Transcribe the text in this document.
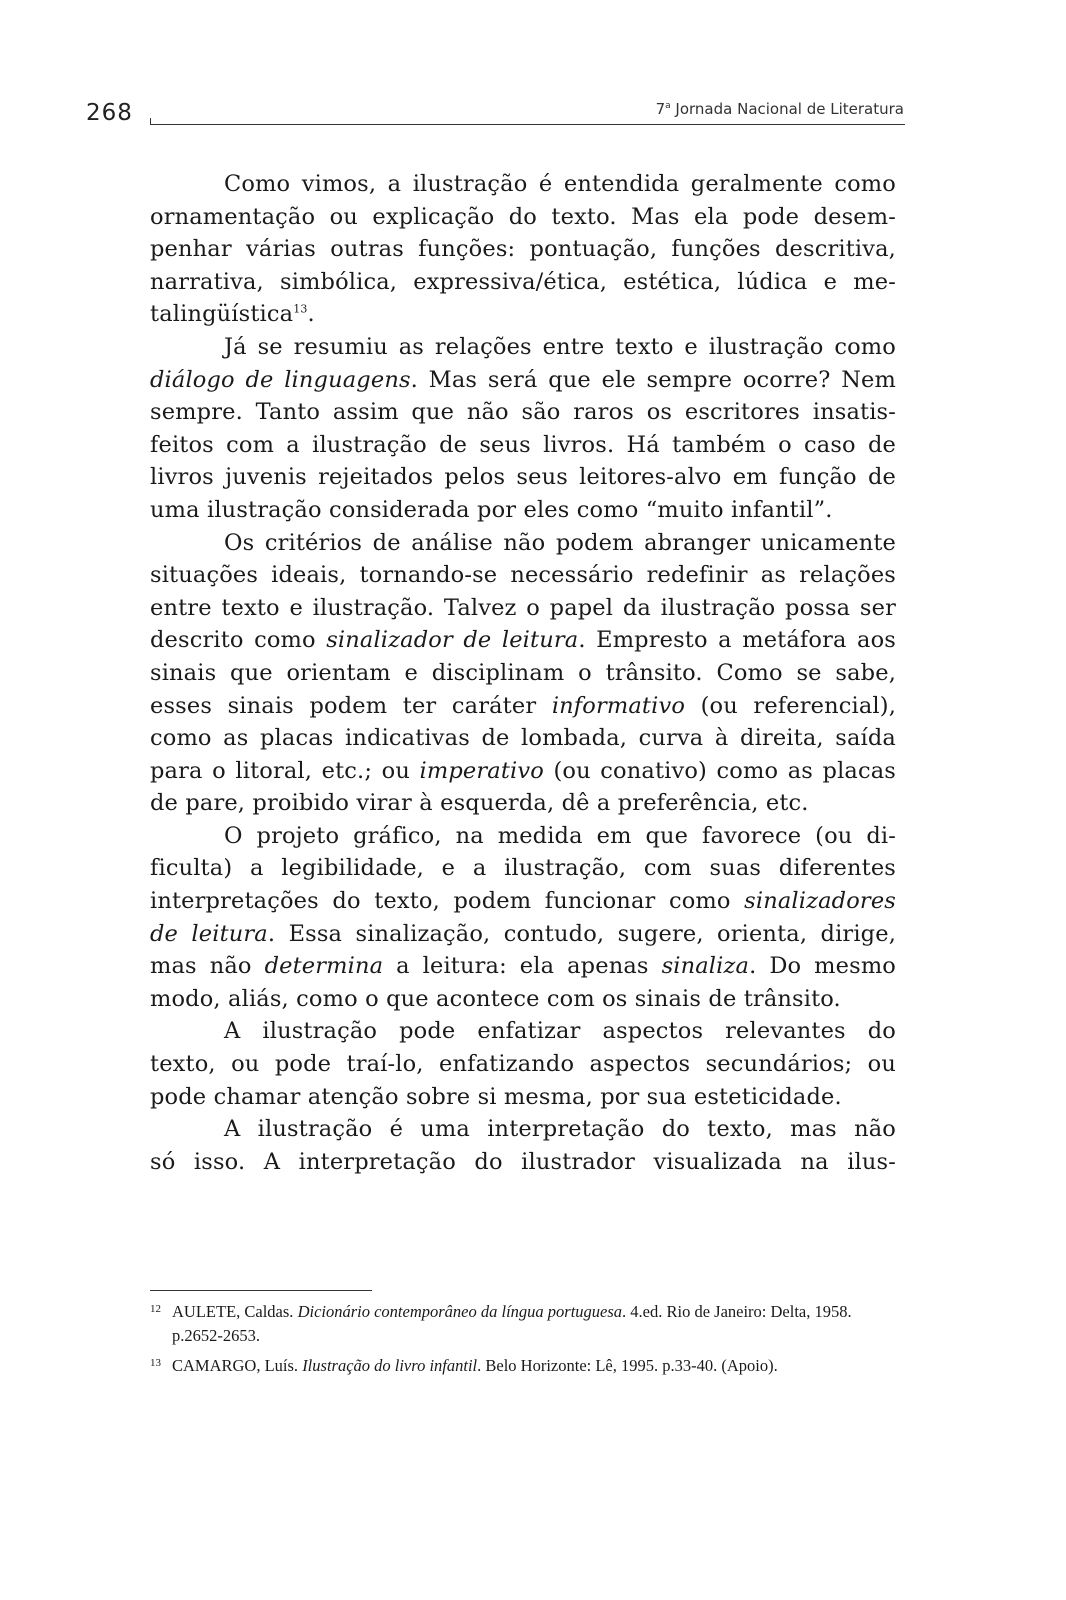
268	7$^a$ Jornada Nacional de Literatura
Como vimos, a ilustração é entendida geralmente como
ornamentação ou explicação do texto. Mas ela pode desem-
penhar várias outras funções: pontuação, funções descritiva,
narrativa, simbólica, expressiva/ética, estética, lúdica e me-
talingüística$^{13}$.
Já se resumiu as relações entre texto e ilustração como
diálogo de linguagens. Mas será que ele sempre ocorre? Nem
sempre. Tanto assim que não são raros os escritores insatis-
feitos com a ilustração de seus livros. Há também o caso de
livros juvenis rejeitados pelos seus leitores-alvo em função de
uma ilustração considerada por eles como “muito infantil”.
Os critérios de análise não podem abranger unicamente
situações ideais, tornando-se necessário redefinir as relações
entre texto e ilustração. Talvez o papel da ilustração possa ser
descrito como sinalizador de leitura. Empresto a metáfora aos
sinais que orientam e disciplinam o trânsito. Como se sabe,
esses sinais podem ter caráter informativo (ou referencial),
como as placas indicativas de lombada, curva à direita, saída
para o litoral, etc.; ou imperativo (ou conativo) como as placas
de pare, proibido virar à esquerda, dê a preferência, etc.
O projeto gráfico, na medida em que favorece (ou di-
ficulta) a legibilidade, e a ilustração, com suas diferentes
interpretações do texto, podem funcionar como sinalizadores
de leitura. Essa sinalização, contudo, sugere, orienta, dirige,
mas não determina a leitura: ela apenas sinaliza. Do mesmo
modo, aliás, como o que acontece com os sinais de trânsito.
A ilustração pode enfatizar aspectos relevantes do
texto, ou pode traí-lo, enfatizando aspectos secundários; ou
pode chamar atenção sobre si mesma, por sua esteticidade.
A ilustração é uma interpretação do texto, mas não
só isso. A interpretação do ilustrador visualizada na ilus-
12 AULETE, Caldas. Dicionário contemporâneo da língua portuguesa. 4.ed. Rio de Janeiro: Delta, 1958. p.2652-2653.
13 CAMARGO, Luís. Ilustração do livro infantil. Belo Horizonte: Lê, 1995. p.33-40. (Apoio).
